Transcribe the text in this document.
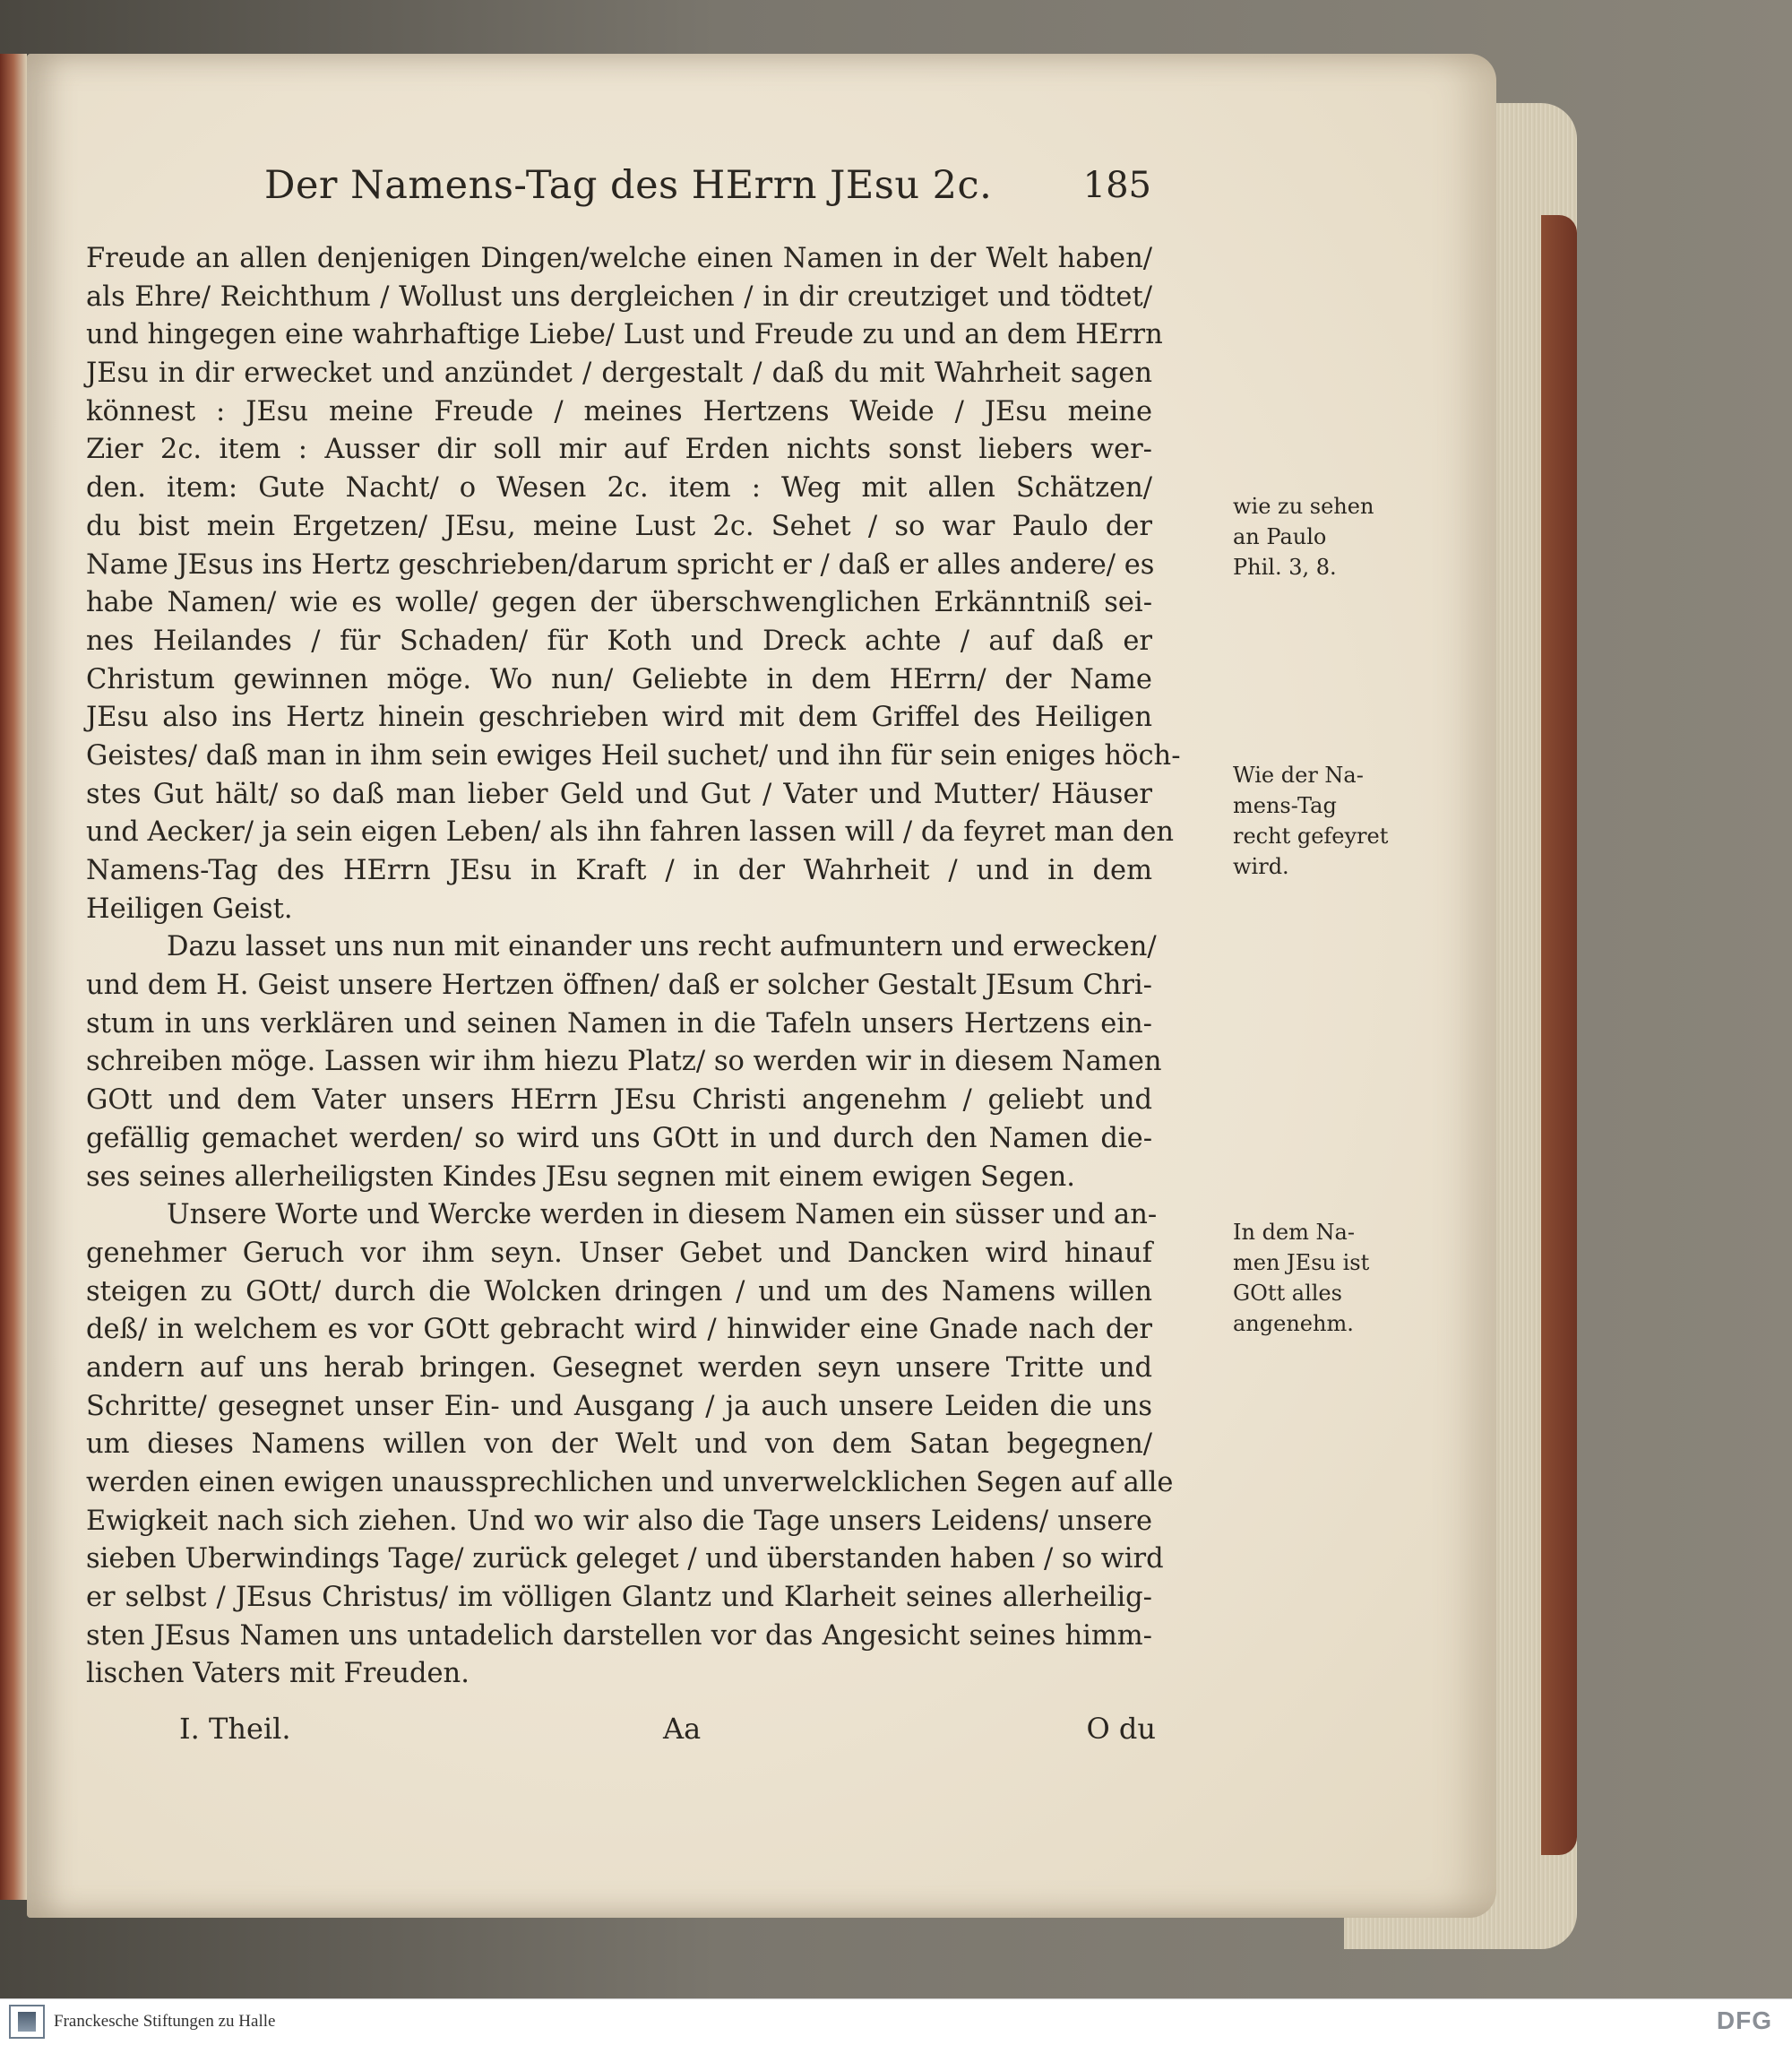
Der Namens-Tag des HErrn JEsu 2c.	185
Freude an allen denjenigen Dingen/welche einen Namen in der Welt haben/
als Ehre/ Reichthum / Wollust uns dergleichen / in dir creutziget und tödtet/
und hingegen eine wahrhaftige Liebe/ Lust und Freude zu und an dem HErrn
JEsu in dir erwecket und anzündet / dergestalt / daß du mit Wahrheit sagen
könnest : JEsu meine Freude / meines Hertzens Weide / JEsu meine
Zier 2c. item : Ausser dir soll mir auf Erden nichts sonst liebers wer-
den. item: Gute Nacht/ o Wesen 2c. item : Weg mit allen Schätzen/
du bist mein Ergetzen/ JEsu, meine Lust 2c. Sehet / so war Paulo der
Name JEsus ins Hertz geschrieben/darum spricht er / daß er alles andere/ es
habe Namen/ wie es wolle/ gegen der überschwenglichen Erkänntniß sei-
nes Heilandes / für Schaden/ für Koth und Dreck achte / auf daß er
Christum gewinnen möge. Wo nun/ Geliebte in dem HErrn/ der Name
JEsu also ins Hertz hinein geschrieben wird mit dem Griffel des Heiligen
Geistes/ daß man in ihm sein ewiges Heil suchet/ und ihn für sein eniges höch-
stes Gut hält/ so daß man lieber Geld und Gut / Vater und Mutter/ Häuser
und Aecker/ ja sein eigen Leben/ als ihn fahren lassen will / da feyret man den
Namens-Tag des HErrn JEsu in Kraft / in der Wahrheit / und in dem
Heiligen Geist.
Dazu lasset uns nun mit einander uns recht aufmuntern und erwecken/
und dem H. Geist unsere Hertzen öffnen/ daß er solcher Gestalt JEsum Chri-
stum in uns verklären und seinen Namen in die Tafeln unsers Hertzens ein-
schreiben möge. Lassen wir ihm hiezu Platz/ so werden wir in diesem Namen
GOtt und dem Vater unsers HErrn JEsu Christi angenehm / geliebt und
gefällig gemachet werden/ so wird uns GOtt in und durch den Namen die-
ses seines allerheiligsten Kindes JEsu segnen mit einem ewigen Segen.
Unsere Worte und Wercke werden in diesem Namen ein süsser und an-
genehmer Geruch vor ihm seyn. Unser Gebet und Dancken wird hinauf
steigen zu GOtt/ durch die Wolcken dringen / und um des Namens willen
deß/ in welchem es vor GOtt gebracht wird / hinwider eine Gnade nach der
andern auf uns herab bringen. Gesegnet werden seyn unsere Tritte und
Schritte/ gesegnet unser Ein- und Ausgang / ja auch unsere Leiden die uns
um dieses Namens willen von der Welt und von dem Satan begegnen/
werden einen ewigen unaussprechlichen und unverwelcklichen Segen auf alle
Ewigkeit nach sich ziehen. Und wo wir also die Tage unsers Leidens/ unsere
sieben Uberwindings Tage/ zurück geleget / und überstanden haben / so wird
er selbst / JEsus Christus/ im völligen Glantz und Klarheit seines allerheilig-
sten JEsus Namen uns untadelich darstellen vor das Angesicht seines himm-
lischen Vaters mit Freuden.
wie zu sehen
an Paulo
Phil. 3, 8.
Wie der Na-
mens-Tag
recht gefeyret
wird.
In dem Na-
men JEsu ist
GOtt alles
angenehm.
I. Theil.	Aa	O du
Franckesche Stiftungen zu Halle	DFG
